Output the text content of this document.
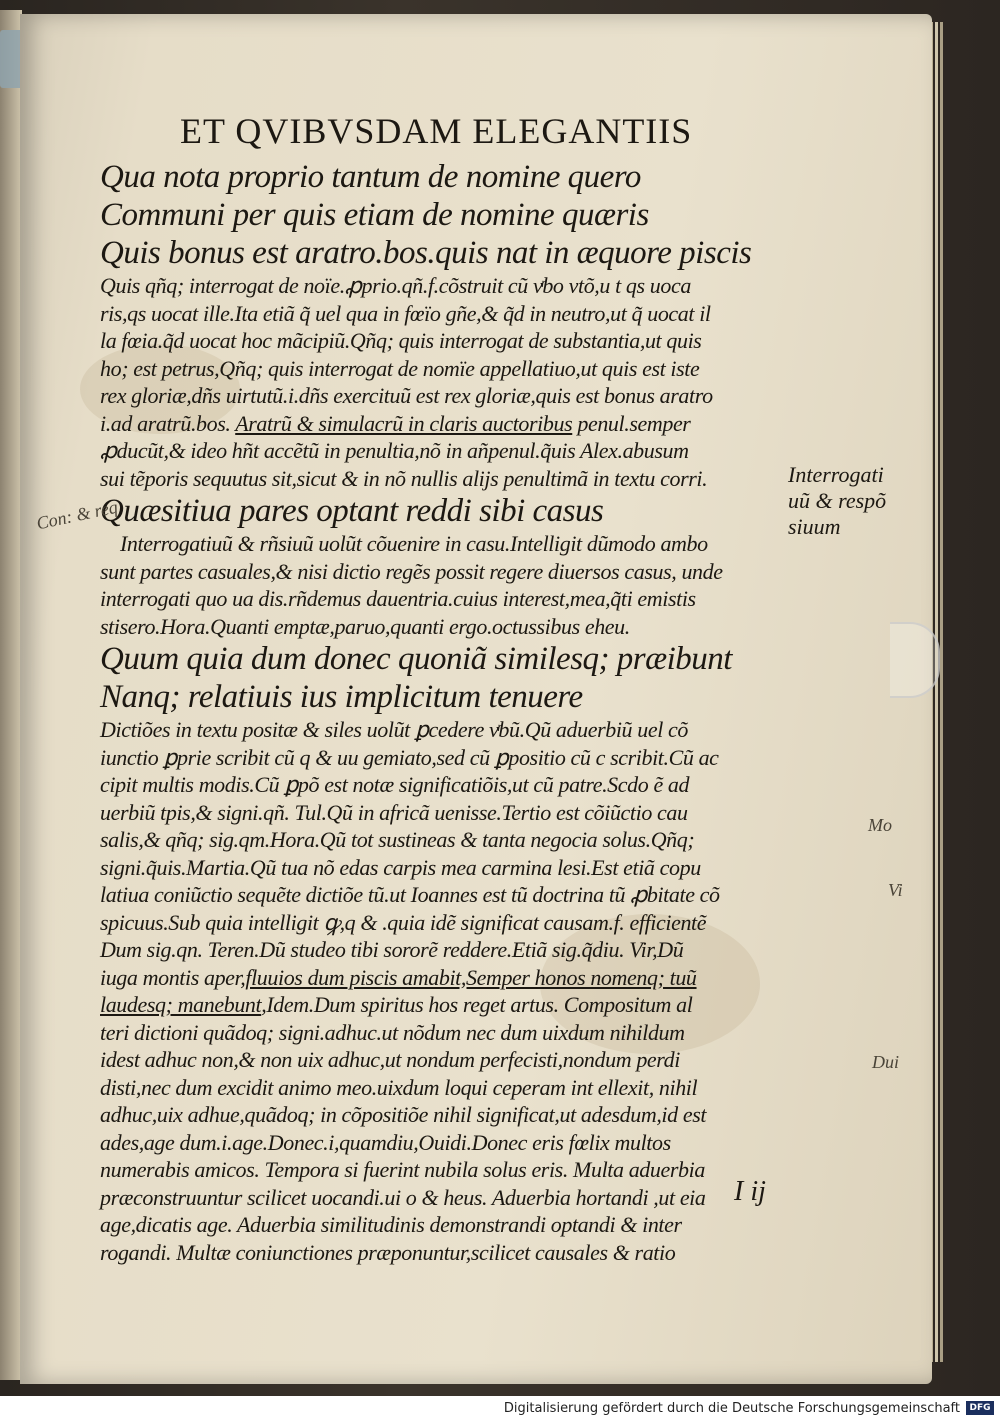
ET QVIBVSDAM ELEGANTIIS
Qua nota proprio tantum de nomine quero
Communi per quis etiam de nomine quæris
Quis bonus est aratro.bos.quis nat in æquore piscis
Quis qñq; interrogat de noïe.ꝓprio.qñ.f.cõstruit cũ vͬbo vtõ,u t qs uoca
ris,qs uocat ille.Ita etiã q̃ uel qua in fœïo gñe,& q̃d in neutro,ut q̃ uocat il
la fœia.q̃d uocat hoc mãcipiũ.Qñq; quis interrogat de substantia,ut quis
ho; est petrus,Qñq; quis interrogat de nomïe appellatiuo,ut quis est iste
rex gloriæ,dñs uirtutũ.i.dñs exercituũ est rex gloriæ,quis est bonus aratro
i.ad aratrũ.bos. Aratrũ & simulacrũ in claris auctoribus penul.semper
ꝓducũt,& ideo hñt accẽtũ in penultia,nõ in añpenul.q̃uis Alex.abusum
sui tẽporis sequutus sit,sicut & in nõ nullis alijs penultimã in textu corri.
Quæsitiua pares optant reddi sibi casus
Interrogatiuũ & rñsiuũ uolũt cõuenire in casu.Intelligit dũmodo ambo
sunt partes casuales,& nisi dictio regẽs possit regere diuersos casus, unde
interrogati quo ua dis.rñdemus dauentria.cuius interest,mea,q̃ti emistis
stisero.Hora.Quanti emptæ,paruo,quanti ergo.octussibus eheu.
Quum quia dum donec quoniã similesq; præibunt
Nanq; relatiuis ius implicitum tenuere
Dictiões in textu positæ & siles uolũt ꝑcedere vͬbũ.Qũ aduerbiũ uel cõ
iunctio ꝑprie scribit cũ q & uu gemiato,sed cũ ꝑpositio cũ c scribit.Cũ ac
cipit multis modis.Cũ ꝑpõ est notæ significatiõis,ut cũ patre.Scdo ẽ ad
uerbiũ tpis,& signi.qñ. Tul.Qũ in africã uenisse.Tertio est cõiũctio cau
salis,& qñq; sig.qm.Hora.Qũ tot sustineas & tanta negocia solus.Qñq;
signi.q̃uis.Martia.Qũ tua nõ edas carpis mea carmina lesi.Est etiã copu
latiua coniũctio sequẽte dictiõe tũ.ut Ioannes est tũ doctrina tũ ꝓbitate cõ
spicuus.Sub quia intelligit ꝙ,q & .quia idẽ significat causam.f. efficientẽ
Dum sig.qn. Teren.Dũ studeo tibi sororẽ reddere.Etiã sig.q̃diu. Vir,Dũ
iuga montis aper,fluuios dum piscis amabit,Semper honos nomenq; tuũ
laudesq; manebunt,Idem.Dum spiritus hos reget artus. Compositum al
teri dictioni quãdoq; signi.adhuc.ut nõdum nec dum uixdum nihildum
idest adhuc non,& non uix adhuc,ut nondum perfecisti,nondum perdi
disti,nec dum excidit animo meo.uixdum loqui ceperam int ellexit, nihil
adhuc,uix adhue,quãdoq; in cõpositiõe nihil significat,ut adesdum,id est
ades,age dum.i.age.Donec.i,quamdiu,Ouidi.Donec eris fœlix multos
numerabis amicos. Tempora si fuerint nubila solus eris. Multa aduerbia
præconstruuntur scilicet uocandi.ui o & heus. Aduerbia hortandi ,ut eia
age,dicatis age. Aduerbia similitudinis demonstrandi optandi & inter
rogandi. Multæ coniunctiones præponuntur,scilicet causales & ratio
I ij
Interrogati
uũ & respõ
siuum
Con: & req
Mo
Vi
Dui
Digitalisierung gefördert durch die Deutsche Forschungsgemeinschaft	DFG
